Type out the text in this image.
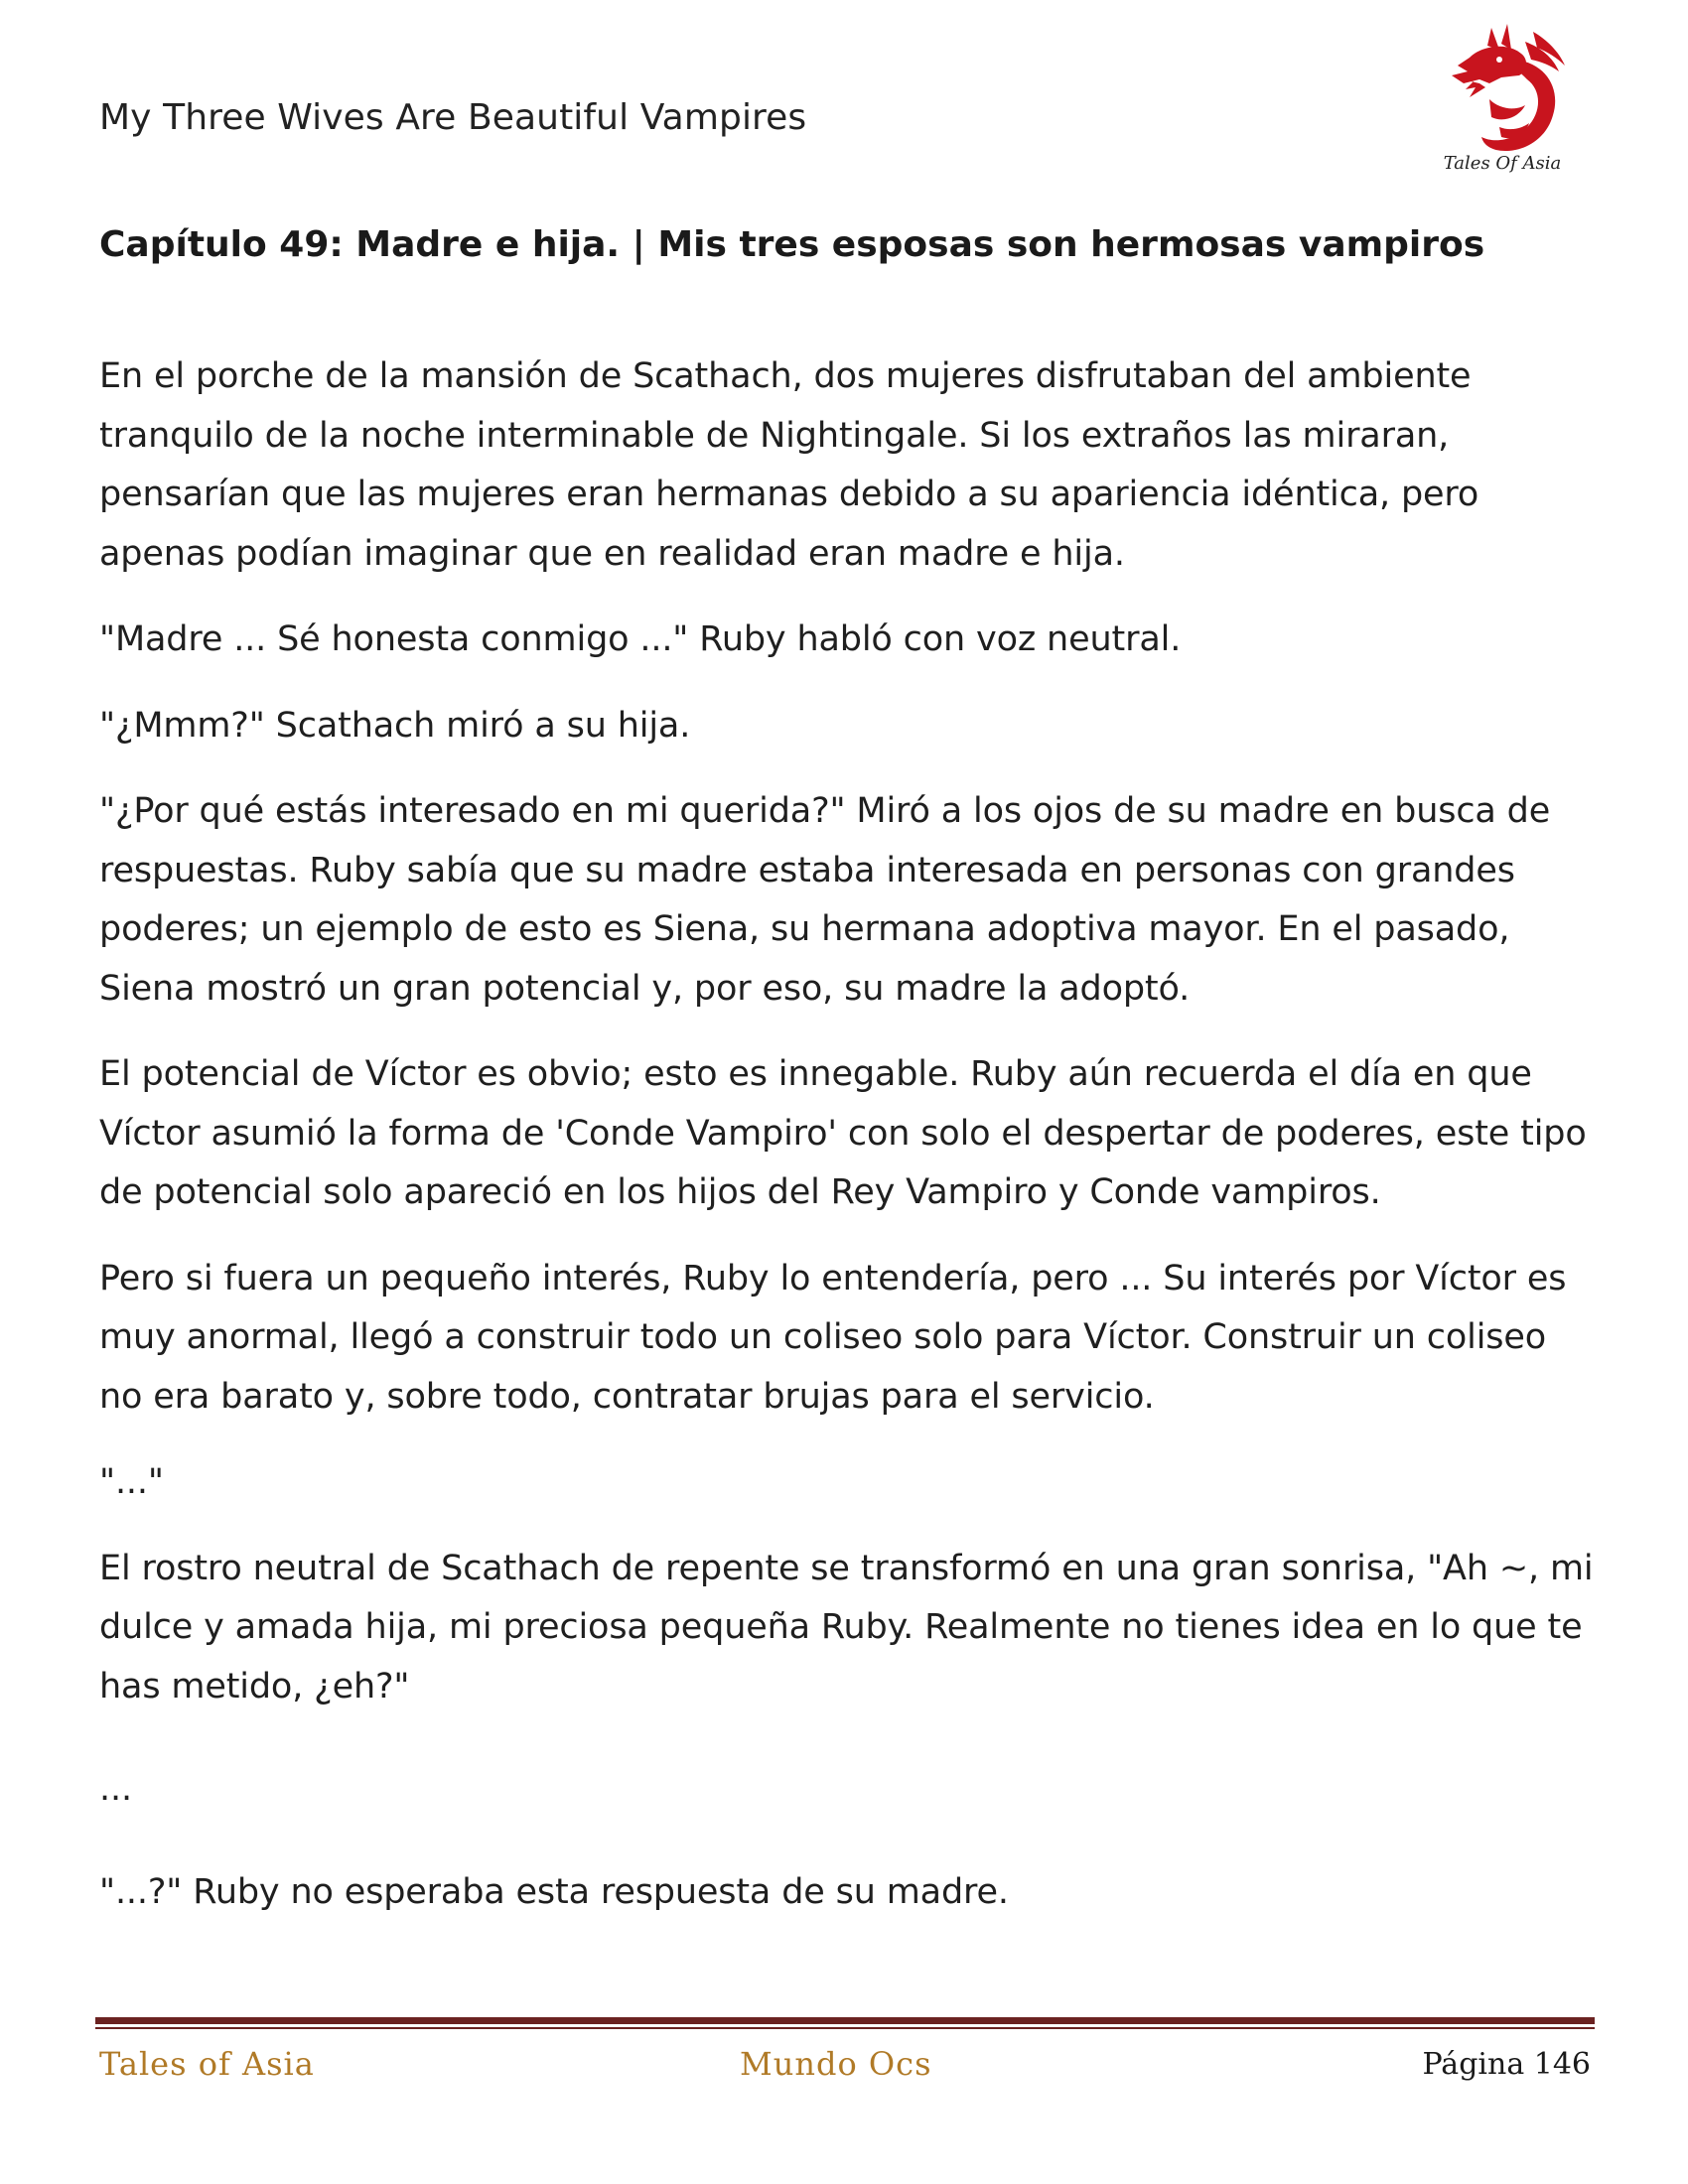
My Three Wives Are Beautiful Vampires
Tales Of Asia
Capítulo 49: Madre e hija. | Mis tres esposas son hermosas vampiros

En el porche de la mansión de Scathach, dos mujeres disfrutaban del ambiente tranquilo de la noche interminable de Nightingale. Si los extraños las miraran, pensarían que las mujeres eran hermanas debido a su apariencia idéntica, pero apenas podían imaginar que en realidad eran madre e hija.

"Madre ... Sé honesta conmigo ..." Ruby habló con voz neutral.

"¿Mmm?" Scathach miró a su hija.

"¿Por qué estás interesado en mi querida?" Miró a los ojos de su madre en busca de respuestas. Ruby sabía que su madre estaba interesada en personas con grandes poderes; un ejemplo de esto es Siena, su hermana adoptiva mayor. En el pasado, Siena mostró un gran potencial y, por eso, su madre la adoptó.

El potencial de Víctor es obvio; esto es innegable. Ruby aún recuerda el día en que Víctor asumió la forma de 'Conde Vampiro' con solo el despertar de poderes, este tipo de potencial solo apareció en los hijos del Rey Vampiro y Conde vampiros.

Pero si fuera un pequeño interés, Ruby lo entendería, pero ... Su interés por Víctor es muy anormal, llegó a construir todo un coliseo solo para Víctor. Construir un coliseo no era barato y, sobre todo, contratar brujas para el servicio.

"..."

El rostro neutral de Scathach de repente se transformó en una gran sonrisa, "Ah ~, mi dulce y amada hija, mi preciosa pequeña Ruby. Realmente no tienes idea en lo que te has metido, ¿eh?"

...

"...?" Ruby no esperaba esta respuesta de su madre.

Tales of Asia	Mundo Ocs	Página 146
